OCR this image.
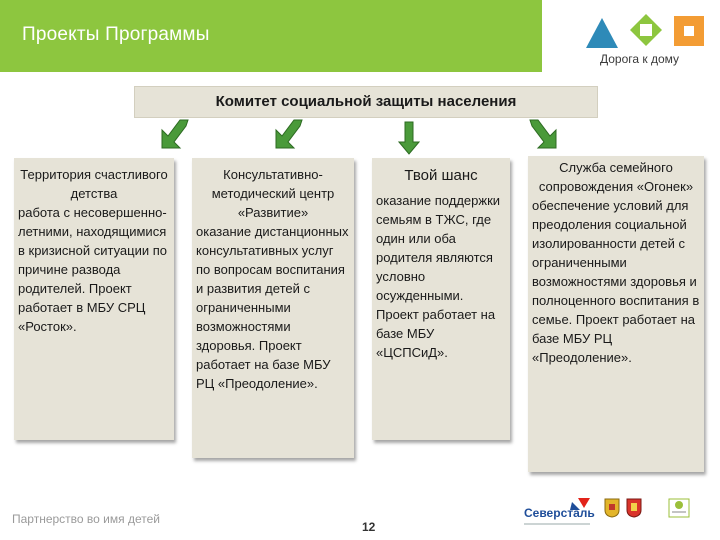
Проекты Программы
Дорога к дому
Комитет социальной защиты населения
Территория счастливого детства
работа с несовершенно-летними, находящимися в кризисной ситуации по причине развода родителей. Проект работает в МБУ СРЦ «Росток».
Консультативно-методический центр «Развитие»
оказание дистанционных консультативных услуг по вопросам воспитания и развития детей с ограниченными возможностями здоровья. Проект работает на базе МБУ РЦ «Преодоление».
Твой шанс
оказание поддержки семьям в ТЖС, где один или оба родителя являются условно осужденными. Проект работает на базе МБУ «ЦСПСиД».
Служба семейного сопровождения «Огонек»
обеспечение условий для преодоления социальной изолированности детей с ограниченными возможностями здоровья и полноценного воспитания в семье. Проект работает на базе МБУ РЦ «Преодоление».
Партнерство во имя детей
12
Северсталь
